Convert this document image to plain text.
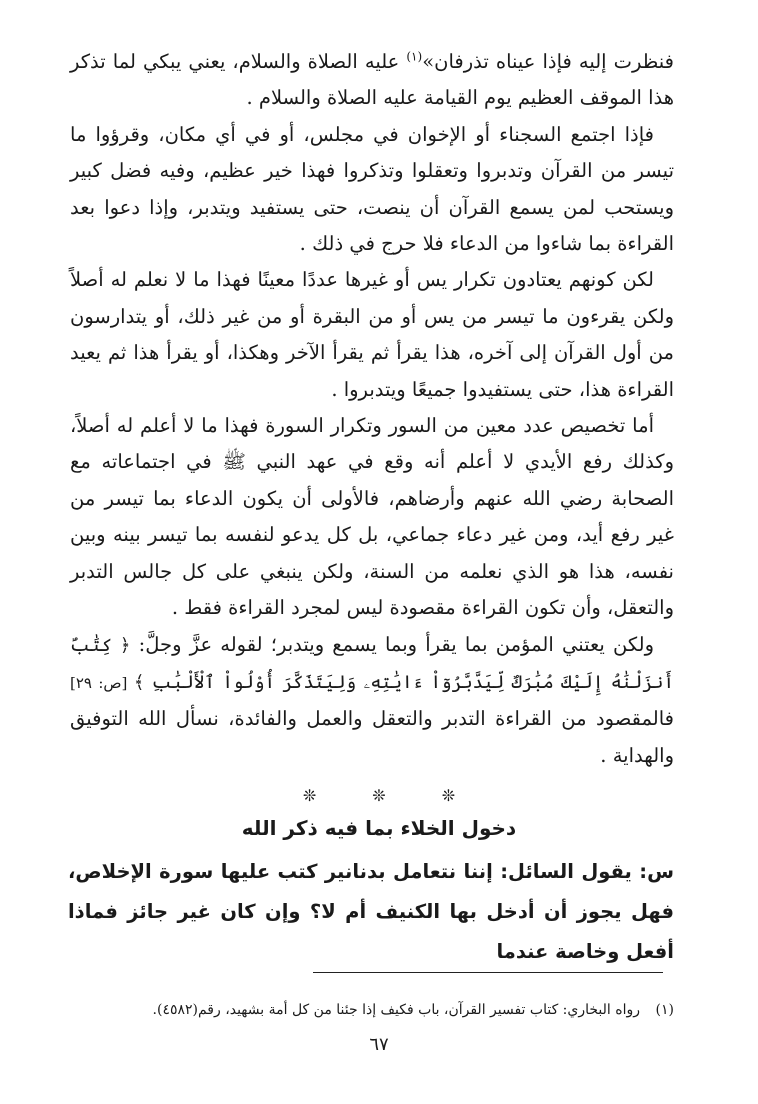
فنظرت إليه فإذا عيناه تذرفان»$^{(١)}$ عليه الصلاة والسلام، يعني يبكي لما تذكر هذا الموقف العظيم يوم القيامة عليه الصلاة والسلام .

فإذا اجتمع السجناء أو الإخوان في مجلس، أو في أي مكان، وقرؤوا ما تيسر من القرآن وتدبروا وتعقلوا وتذكروا فهذا خير عظيم، وفيه فضل كبير ويستحب لمن يسمع القرآن أن ينصت، حتى يستفيد ويتدبر، وإذا دعوا بعد القراءة بما شاءوا من الدعاء فلا حرج في ذلك .

لكن كونهم يعتادون تكرار يس أو غيرها عددًا معينًا فهذا ما لا نعلم له أصلاً ولكن يقرءون ما تيسر من يس أو من البقرة أو من غير ذلك، أو يتدارسون من أول القرآن إلى آخره، هذا يقرأ ثم يقرأ الآخر وهكذا، أو يقرأ هذا ثم يعيد القراءة هذا، حتى يستفيدوا جميعًا ويتدبروا .

أما تخصيص عدد معين من السور وتكرار السورة فهذا ما لا أعلم له أصلاً، وكذلك رفع الأيدي لا أعلم أنه وقع في عهد النبي ﷺ في اجتماعاته مع الصحابة رضي الله عنهم وأرضاهم، فالأولى أن يكون الدعاء بما تيسر من غير رفع أيد، ومن غير دعاء جماعي، بل كل يدعو لنفسه بما تيسر بينه وبين نفسه، هذا هو الذي نعلمه من السنة، ولكن ينبغي على كل جالس التدبر والتعقل، وأن تكون القراءة مقصودة ليس لمجرد القراءة فقط .

ولكن يعتني المؤمن بما يقرأ وبما يسمع ويتدبر؛ لقوله عزَّ وجلَّ: ﴿ كِتَٰبٌ أَنزَلْنَٰهُ إِلَيْكَ مُبَٰرَكٌ لِّيَدَّبَّرُوٓاْ ءَايَٰتِهِۦ وَلِيَتَذَكَّرَ أُوْلُواْ ٱلْأَلْبَٰبِ ﴾ [ص: ٢٩] فالمقصود من القراءة التدبر والتعقل والعمل والفائدة، نسأل الله التوفيق والهداية .

❊	❊	❊
دخول الخلاء بما فيه ذكر الله

س: يقول السائل: إننا نتعامل بدنانير كتب عليها سورة الإخلاص، فهل يجوز أن أدخل بها الكنيف أم لا؟ وإن كان غير جائز فماذا أفعل وخاصة عندما

(١)رواه البخاري: كتاب تفسير القرآن، باب فكيف إذا جئنا من كل أمة بشهيد، رقم(٤٥٨٢).
٦٧
